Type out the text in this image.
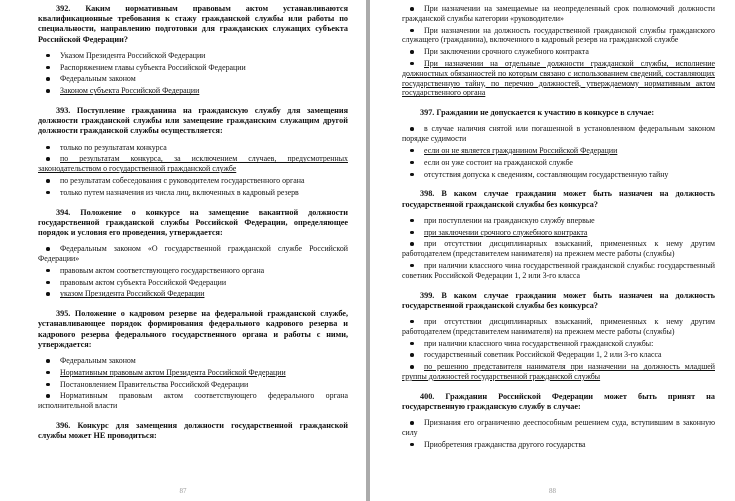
392. Каким нормативным правовым актом устанавливаются квалификационные требования к стажу гражданской службы или работы по специальности, направлению подготовки для гражданских служащих субъекта Российской Федерации?

Указом Президента Российской Федерации
Распоряжением главы субъекта Российской Федерации
Федеральным законом
Законом субъекта Российской Федерации

393. Поступление гражданина на гражданскую службу для замещения должности гражданской службы или замещение гражданским служащим другой должности гражданской службы осуществляется:

только по результатам конкурса
по результатам конкурса, за исключением случаев, предусмотренных законодательством о государственной гражданской службе
по результатам собеседования с руководителем государственного органа
только путем назначения из числа лиц, включенных в кадровый резерв

394. Положение о конкурсе на замещение вакантной должности государственной гражданской службы Российской Федерации, определяющее порядок и условия его проведения, утверждается:

Федеральным законом «О государственной гражданской службе Российской Федерации»
правовым актом соответствующего государственного органа
правовым актом субъекта Российской Федерации
указом Президента Российской Федерации

395. Положение о кадровом резерве на федеральной гражданской службе, устанавливающее порядок формирования федерального кадрового резерва и кадрового резерва федерального государственного органа и работы с ними, утверждается:

Федеральным законом
Нормативным правовым актом Президента Российской Федерации
Постановлением Правительства Российской Федерации
Нормативным правовым актом соответствующего федерального органа исполнительной власти

396. Конкурс для замещения должности государственной гражданской службы может НЕ проводиться:

87
При назначении на замещаемые на неопределенный срок полномочий должности гражданской службы категории «руководители»
При назначении на должность государственной гражданской службы гражданского служащего (гражданина), включенного в кадровый резерв на гражданской службе
При заключении срочного служебного контракта
При назначении на отдельные должности гражданской службы, исполнение должностных обязанностей по которым связано с использованием сведений, составляющих государственную тайну, по перечню должностей, утверждаемому нормативным актом государственного органа

397. Граждании не допускается к участию в конкурсе в случае:

в случае наличия снятой или погашенной в установленном федеральным законом порядке судимости
если он не является гражданином Российской Федерации
если он уже состоит на гражданской службе
отсутствия допуска к сведениям, составляющим государственную тайну

398. В каком случае гражданин может быть назначен на должность государственной гражданской службы без конкурса?

при поступлении на гражданскую службу впервые
при заключении срочного служебного контракта
при отсутствии дисциплинарных взысканий, примененных к нему другим работодателем (представителем нанимателя) на прежнем месте работы (службы)
при наличии классного чина государственной гражданской службы: государственный советник Российской Федерации 1, 2 или 3-го класса

399. В каком случае гражданин может быть назначен на должность государственной гражданской службы без конкурса?

при отсутствии дисциплинарных взысканий, примененных к нему другим работодателем (представителем нанимателя) на прежнем месте работы (службы)
при наличии классного чина государственной гражданской службы:
государственный советник Российской Федерации 1, 2 или 3-го класса
по решению представителя нанимателя при назначении на должность младшей группы должностей государственной гражданской службы

400. Гражданин Российской Федерации может быть принят на государственную гражданскую службу в случае:

Признания его ограниченно дееспособным решением суда, вступившим в законную силу
Приобретения гражданства другого государства
88
